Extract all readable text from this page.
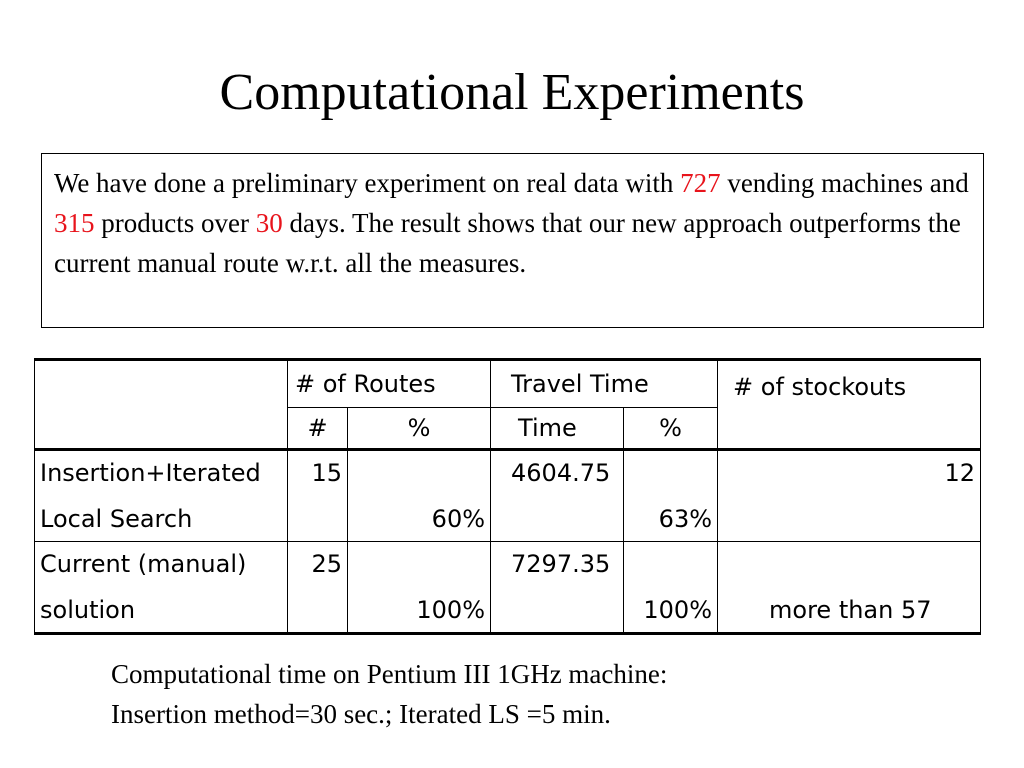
Computational Experiments
We have done a preliminary experiment on real data with 727 vending machines and 315 products over 30 days. The result shows that our new approach outperforms the current manual route w.r.t. all the measures.
	# of Routes		Travel Time		# of stockouts
	#	%	Time	%	

Insertion+Iterated
Local Search	15	60%	4604.75	63%	12

Current (manual)
solution	25	100%	7297.35	100%	more than 57
Computational time on Pentium III 1GHz machine:
Insertion method=30 sec.; Iterated LS =5 min.
